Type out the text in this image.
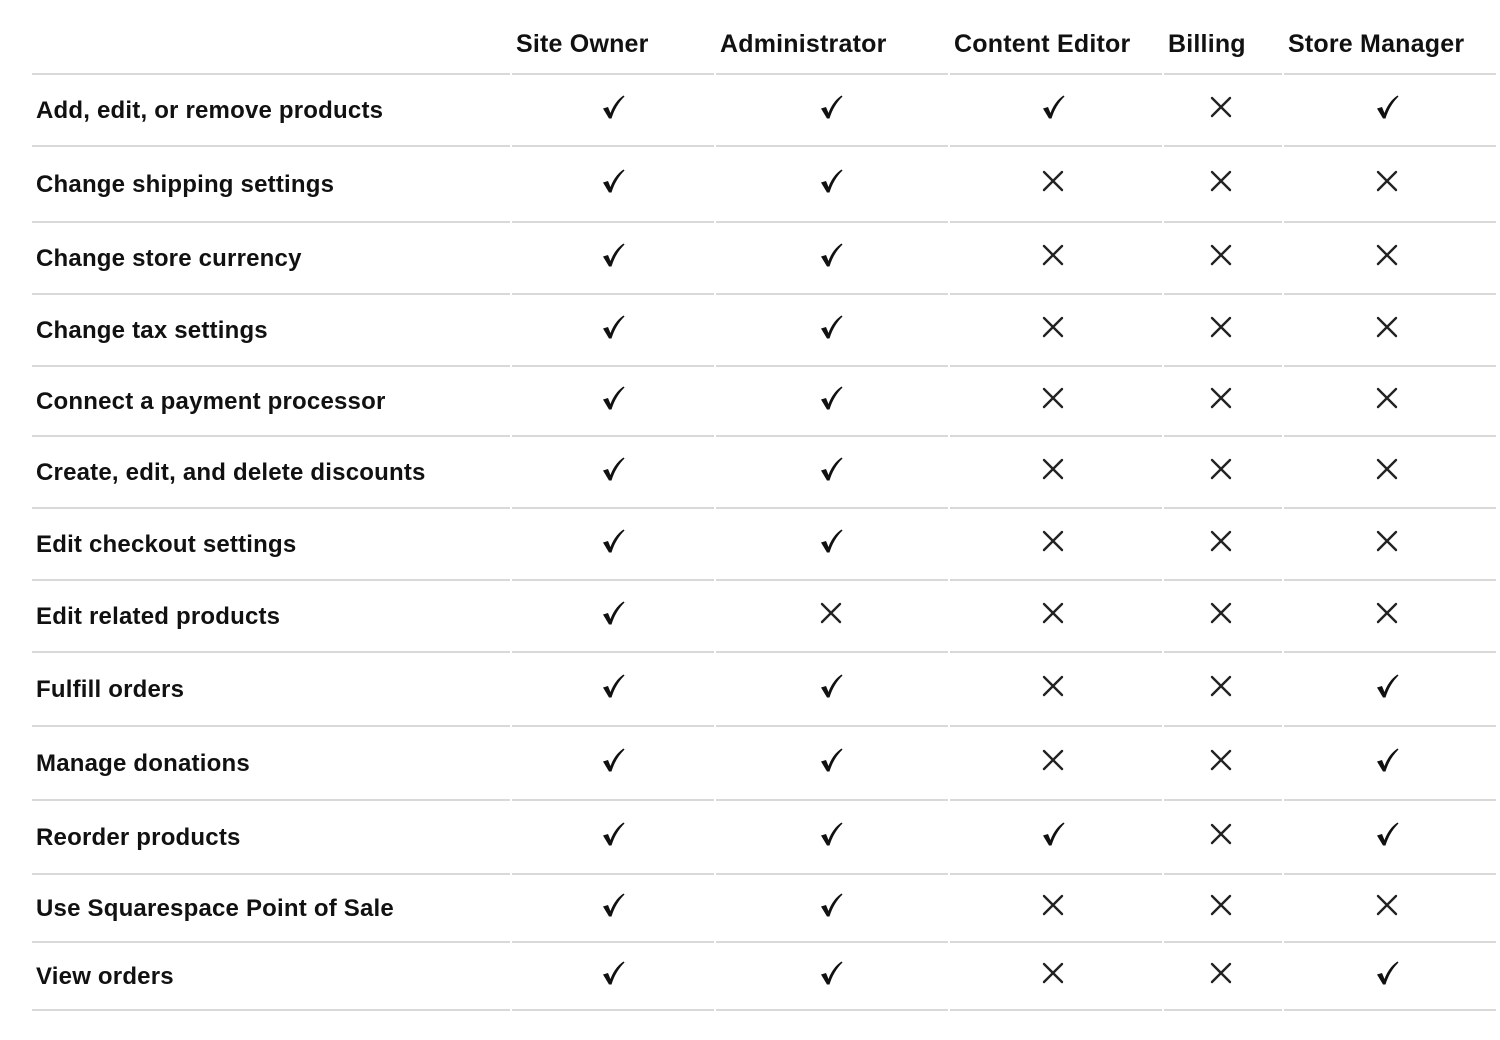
Site Owner	Administrator	Content Editor Billing Store Manager
Add, edit, or remove products
Change shipping settings
Change store currency
Change tax settings
Connect a payment processor
Create, edit, and delete discounts
Edit checkout settings
Edit related products
Fulfill orders
Manage donations
Reorder products
Use Squarespace Point of Sale
View orders
